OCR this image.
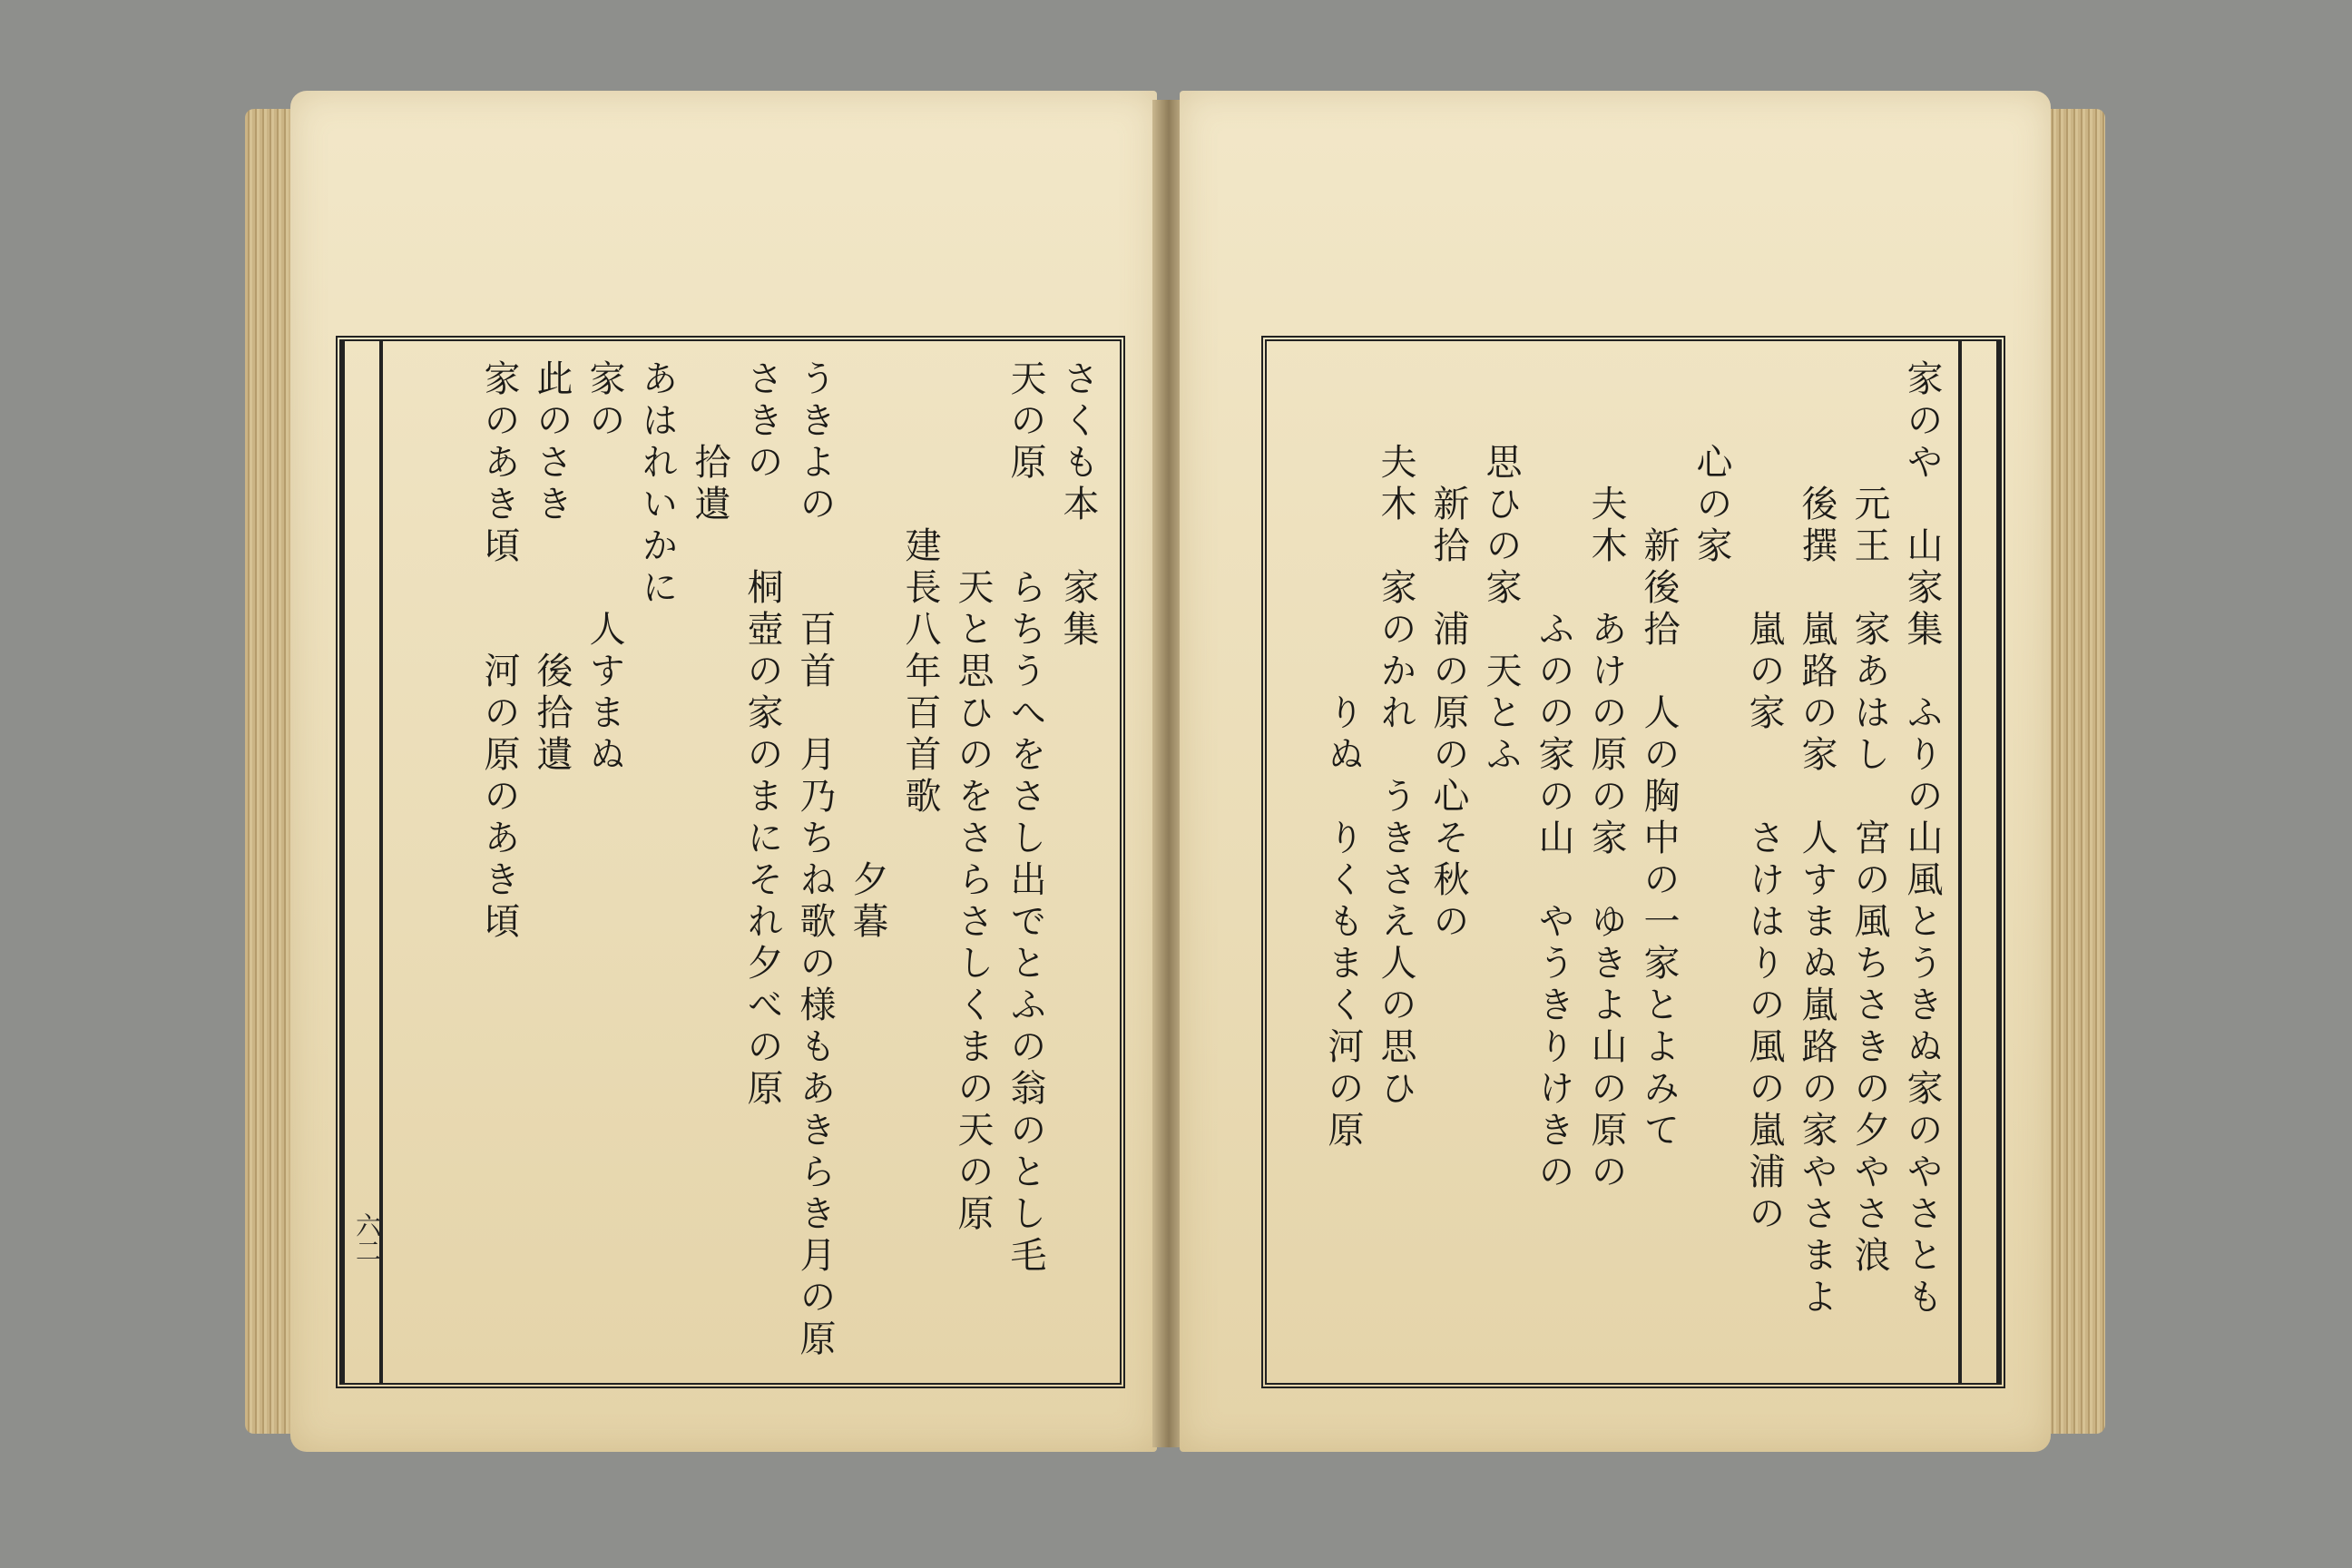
六二
さくも本　家集
天の原　　らちうへをさし出でとふの翁のとし毛
　　　　　天と思ひのをさらさしくまの天の原
　　　　建長八年百首歌
　　　　　　　　　　　　夕暮
うきよの　　百首　月乃ちね歌の様もあきらき月の原
さきの　　桐壺の家のまにそれ夕べの原
　　拾遺
あはれいかに
家の　　　　人すまぬ
此のさき　　　後拾遺
家のあき頃　　河の原のあき頃	家のや　山家集　ふりの山風とうきぬ家のやさとも
　　　元王　家あはし　宮の風ちさきの夕やさ浪
　　　後撰　嵐路の家　人すまぬ嵐路の家やさまよ
　　　　　　嵐の家　　さけはりの風の嵐浦の
　　心の家
　　　　新後拾　人の胸中の一家とよみて
　　　夫木　あけの原の家　ゆきよ山の原の
　　　　　　ふのの家の山　やうきりけきの
　　思ひの家　天とふ
　　　新拾　浦の原の心そ秋の
　　夫木　家のかれ　うきさえ人の思ひ
　　　　　　　　りぬ　りくもまく河の原
